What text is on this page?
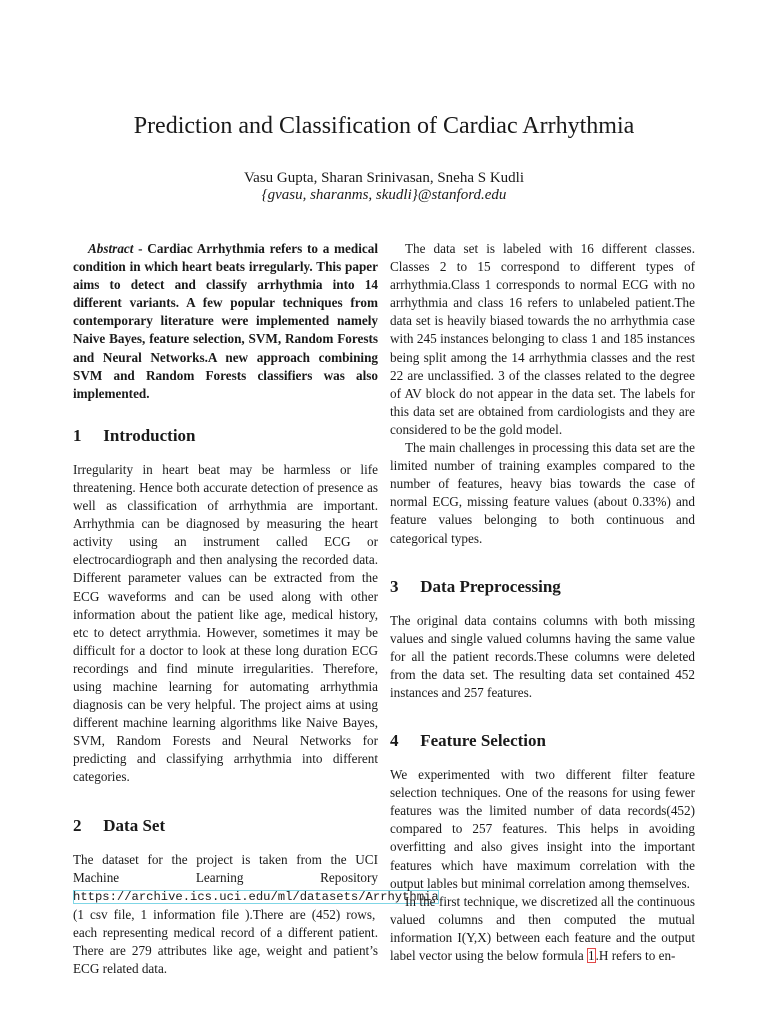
Prediction and Classification of Cardiac Arrhythmia
Vasu Gupta, Sharan Srinivasan, Sneha S Kudli
{gvasu, sharanms, skudli}@stanford.edu

Abstract - Cardiac Arrhythmia refers to a medical condition in which heart beats irregularly. This paper aims to detect and classify arrhythmia into 14 different variants. A few popular techniques from contemporary literature were implemented namely Naive Bayes, feature selection, SVM, Random Forests and Neural Networks.A new approach combining SVM and Random Forests classifiers was also implemented.

1 Introduction

Irregularity in heart beat may be harmless or life threatening. Hence both accurate detection of presence as well as classification of arrhythmia are important. Arrhythmia can be diagnosed by measuring the heart activity using an instrument called ECG or electrocardiograph and then analysing the recorded data. Different parameter values can be extracted from the ECG waveforms and can be used along with other information about the patient like age, medical history, etc to detect arrythmia. However, sometimes it may be difficult for a doctor to look at these long duration ECG recordings and find minute irregularities. Therefore, using machine learning for automating arrhythmia diagnosis can be very helpful. The project aims at using different machine learning algorithms like Naive Bayes, SVM, Random Forests and Neural Networks for predicting and classifying arrhythmia into different categories.

2 Data Set

The dataset for the project is taken from the UCI Machine Learning Repository https://archive.ics.uci.edu/ml/datasets/Arrhythmia (1 csv file, 1 information file ).There are (452) rows, each representing medical record of a different patient. There are 279 attributes like age, weight and patient’s ECG related data.

The data set is labeled with 16 different classes. Classes 2 to 15 correspond to different types of arrhythmia.Class 1 corresponds to normal ECG with no arrhythmia and class 16 refers to unlabeled patient.The data set is heavily biased towards the no arrhythmia case with 245 instances belonging to class 1 and 185 instances being split among the 14 arrhythmia classes and the rest 22 are unclassified. 3 of the classes related to the degree of AV block do not appear in the data set. The labels for this data set are obtained from cardiologists and they are considered to be the gold model.

The main challenges in processing this data set are the limited number of training examples compared to the number of features, heavy bias towards the case of normal ECG, missing feature values (about 0.33%) and feature values belonging to both continuous and categorical types.

3 Data Preprocessing

The original data contains columns with both missing values and single valued columns having the same value for all the patient records.These columns were deleted from the data set. The resulting data set contained 452 instances and 257 features.

4 Feature Selection

We experimented with two different filter feature selection techniques. One of the reasons for using fewer features was the limited number of data records(452) compared to 257 features. This helps in avoiding overfitting and also gives insight into the important features which have maximum correlation with the output lables but minimal correlation among themselves.

In the first technique, we discretized all the continuous valued columns and then computed the mutual information I(Y,X) between each feature and the output label vector using the below formula 1.H refers to en-
